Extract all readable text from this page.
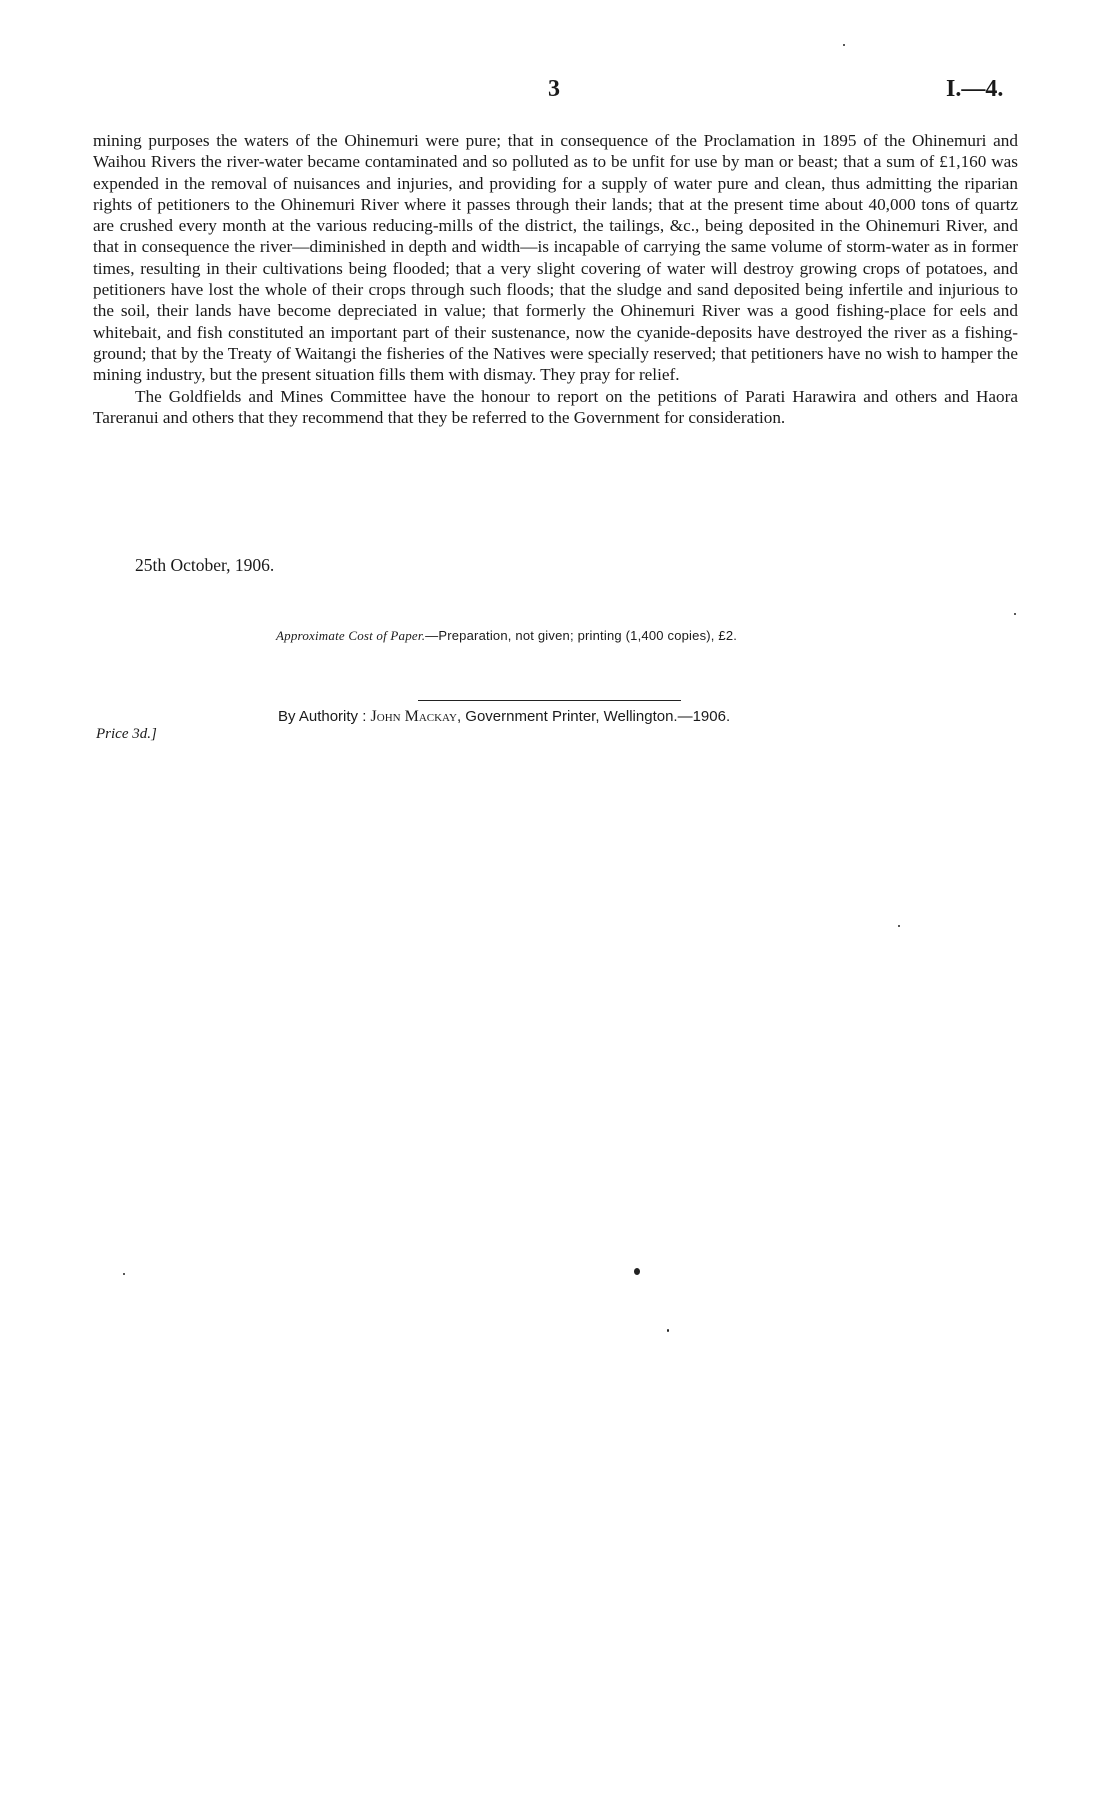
3	I.—4.

mining purposes the waters of the Ohinemuri were pure; that in consequence of the Proclamation in 1895 of the Ohinemuri and Waihou Rivers the river-water became contaminated and so polluted as to be unfit for use by man or beast; that a sum of £1,160 was expended in the removal of nuisances and injuries, and providing for a supply of water pure and clean, thus admitting the riparian rights of petitioners to the Ohinemuri River where it passes through their lands; that at the present time about 40,000 tons of quartz are crushed every month at the various reducing-mills of the district, the tailings, &c., being deposited in the Ohinemuri River, and that in consequence the river—diminished in depth and width—is incapable of carrying the same volume of storm-water as in former times, resulting in their cultivations being flooded; that a very slight covering of water will destroy growing crops of potatoes, and petitioners have lost the whole of their crops through such floods; that the sludge and sand deposited being infertile and injurious to the soil, their lands have become depreciated in value; that formerly the Ohinemuri River was a good fishing-place for eels and whitebait, and fish constituted an important part of their sustenance, now the cyanide-deposits have destroyed the river as a fishing-ground; that by the Treaty of Waitangi the fisheries of the Natives were specially reserved; that petitioners have no wish to hamper the mining industry, but the present situation fills them with dismay. They pray for relief.

The Goldfields and Mines Committee have the honour to report on the petitions of Parati Harawira and others and Haora Tareranui and others that they recommend that they be referred to the Government for consideration.

25th October, 1906.
Approximate Cost of Paper.—Preparation, not given; printing (1,400 copies), £2.
By Authority : John Mackay, Government Printer, Wellington.—1906.
Price 3d.]
